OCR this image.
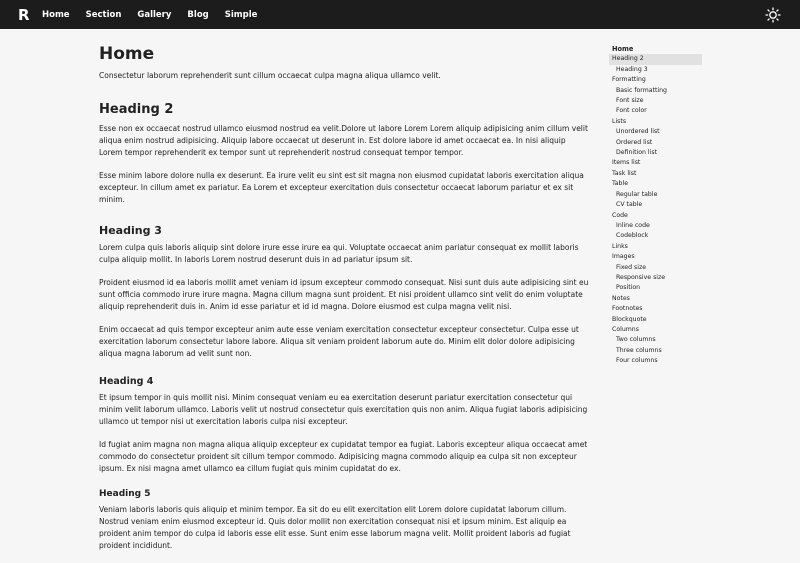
R	Home Section Gallery Blog Simple
Home

Consectetur laborum reprehenderit sunt cillum occaecat culpa magna aliqua ullamco velit.

Heading 2

Esse non ex occaecat nostrud ullamco eiusmod nostrud ea velit.Dolore ut labore Lorem Lorem aliquip adipisicing anim cillum velit aliqua enim nostrud adipisicing. Aliquip labore occaecat ut deserunt in. Est dolore labore id amet occaecat ea. In nisi aliquip Lorem tempor reprehenderit ex tempor sunt ut reprehenderit nostrud consequat tempor tempor.

Esse minim labore dolore nulla ex deserunt. Ea irure velit eu sint est sit magna non eiusmod cupidatat laboris exercitation aliqua excepteur. In cillum amet ex pariatur. Ea Lorem et excepteur exercitation duis consectetur occaecat laborum pariatur et ex sit minim.

Heading 3

Lorem culpa quis laboris aliquip sint dolore irure esse irure ea qui. Voluptate occaecat anim pariatur consequat ex mollit laboris culpa aliquip mollit. In laboris Lorem nostrud deserunt duis in ad pariatur ipsum sit.

Proident eiusmod id ea laboris mollit amet veniam id ipsum excepteur commodo consequat. Nisi sunt duis aute adipisicing sint eu sunt officia commodo irure irure magna. Magna cillum magna sunt proident. Et nisi proident ullamco sint velit do enim voluptate aliquip reprehenderit duis in. Anim id esse pariatur et id id magna. Dolore eiusmod est culpa magna velit nisi.

Enim occaecat ad quis tempor excepteur anim aute esse veniam exercitation consectetur excepteur consectetur. Culpa esse ut exercitation laborum consectetur labore labore. Aliqua sit veniam proident laborum aute do. Minim elit dolor dolore adipisicing aliqua magna laborum ad velit sunt non.

Heading 4

Et ipsum tempor in quis mollit nisi. Minim consequat veniam eu ea exercitation deserunt pariatur exercitation consectetur qui minim velit laborum ullamco. Laboris velit ut nostrud consectetur quis exercitation quis non anim. Aliqua fugiat laboris adipisicing ullamco ut tempor nisi ut exercitation laboris culpa nisi excepteur.

Id fugiat anim magna non magna aliqua aliquip excepteur ex cupidatat tempor ea fugiat. Laboris excepteur aliqua occaecat amet commodo do consectetur proident sit cillum tempor commodo. Adipisicing magna commodo aliquip ea culpa sit non excepteur ipsum. Ex nisi magna amet ullamco ea cillum fugiat quis minim cupidatat do ex.

Heading 5

Veniam laboris laboris quis aliquip et minim tempor. Ea sit do eu elit exercitation elit Lorem dolore cupidatat laborum cillum. Nostrud veniam enim eiusmod excepteur id. Quis dolor mollit non exercitation consequat nisi et ipsum minim. Est aliquip ea proident anim tempor do culpa id laboris esse elit esse. Sunt enim esse laborum magna velit. Mollit proident laboris ad fugiat proident incididunt.

Home
Heading 2
Heading 3
Formatting
Basic formatting
Font size
Font color
Lists
Unordered list
Ordered list
Definition list
Items list
Task list
Table
Regular table
CV table
Code
Inline code
Codeblock
Links
Images
Fixed size
Responsive size
Position
Notes
Footnotes
Blockquote
Columns
Two columns
Three columns
Four columns
